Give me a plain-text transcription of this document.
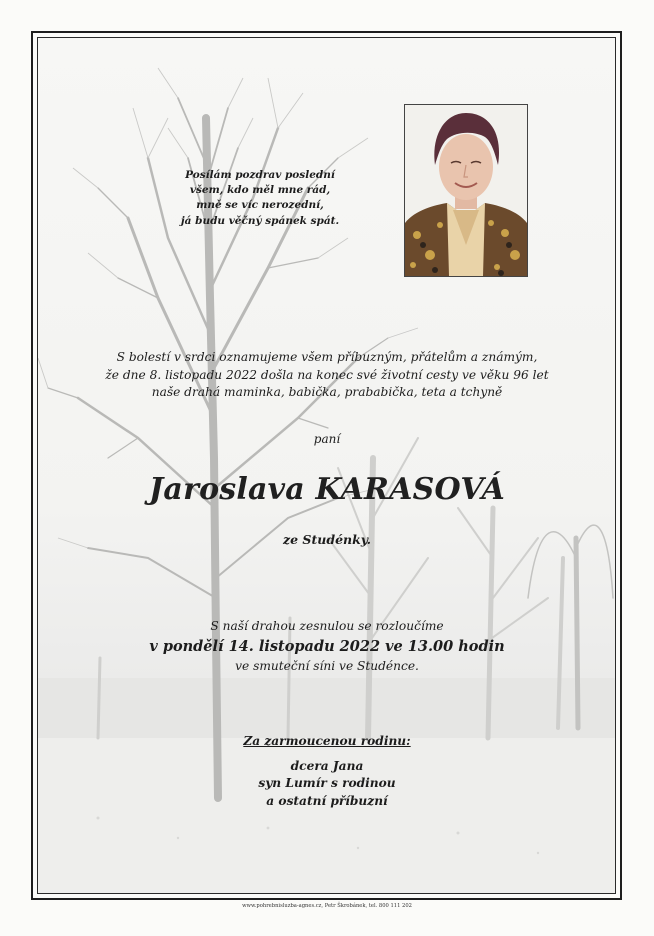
Posílám pozdrav poslední
všem, kdo měl mne rád,
mně se víc nerozední,
já budu věčný spánek spát.
S bolestí v srdci oznamujeme všem příbuzným, přátelům a známým,
že dne 8. listopadu 2022 došla na konec své životní cesty ve věku 96 let
naše drahá maminka, babička, prababička, teta a tchyně
paní
Jaroslava KARASOVÁ
ze Studénky.
S naší drahou zesnulou se rozloučíme
v pondělí 14. listopadu 2022 ve 13.00 hodin
ve smuteční síni ve Studénce.
Za zarmoucenou rodinu:
dcera Jana
syn Lumír s rodinou
a ostatní příbuzní
www.pohrebnisluzba-agnes.cz, Petr Škrobánek, tel. 800 111 202
